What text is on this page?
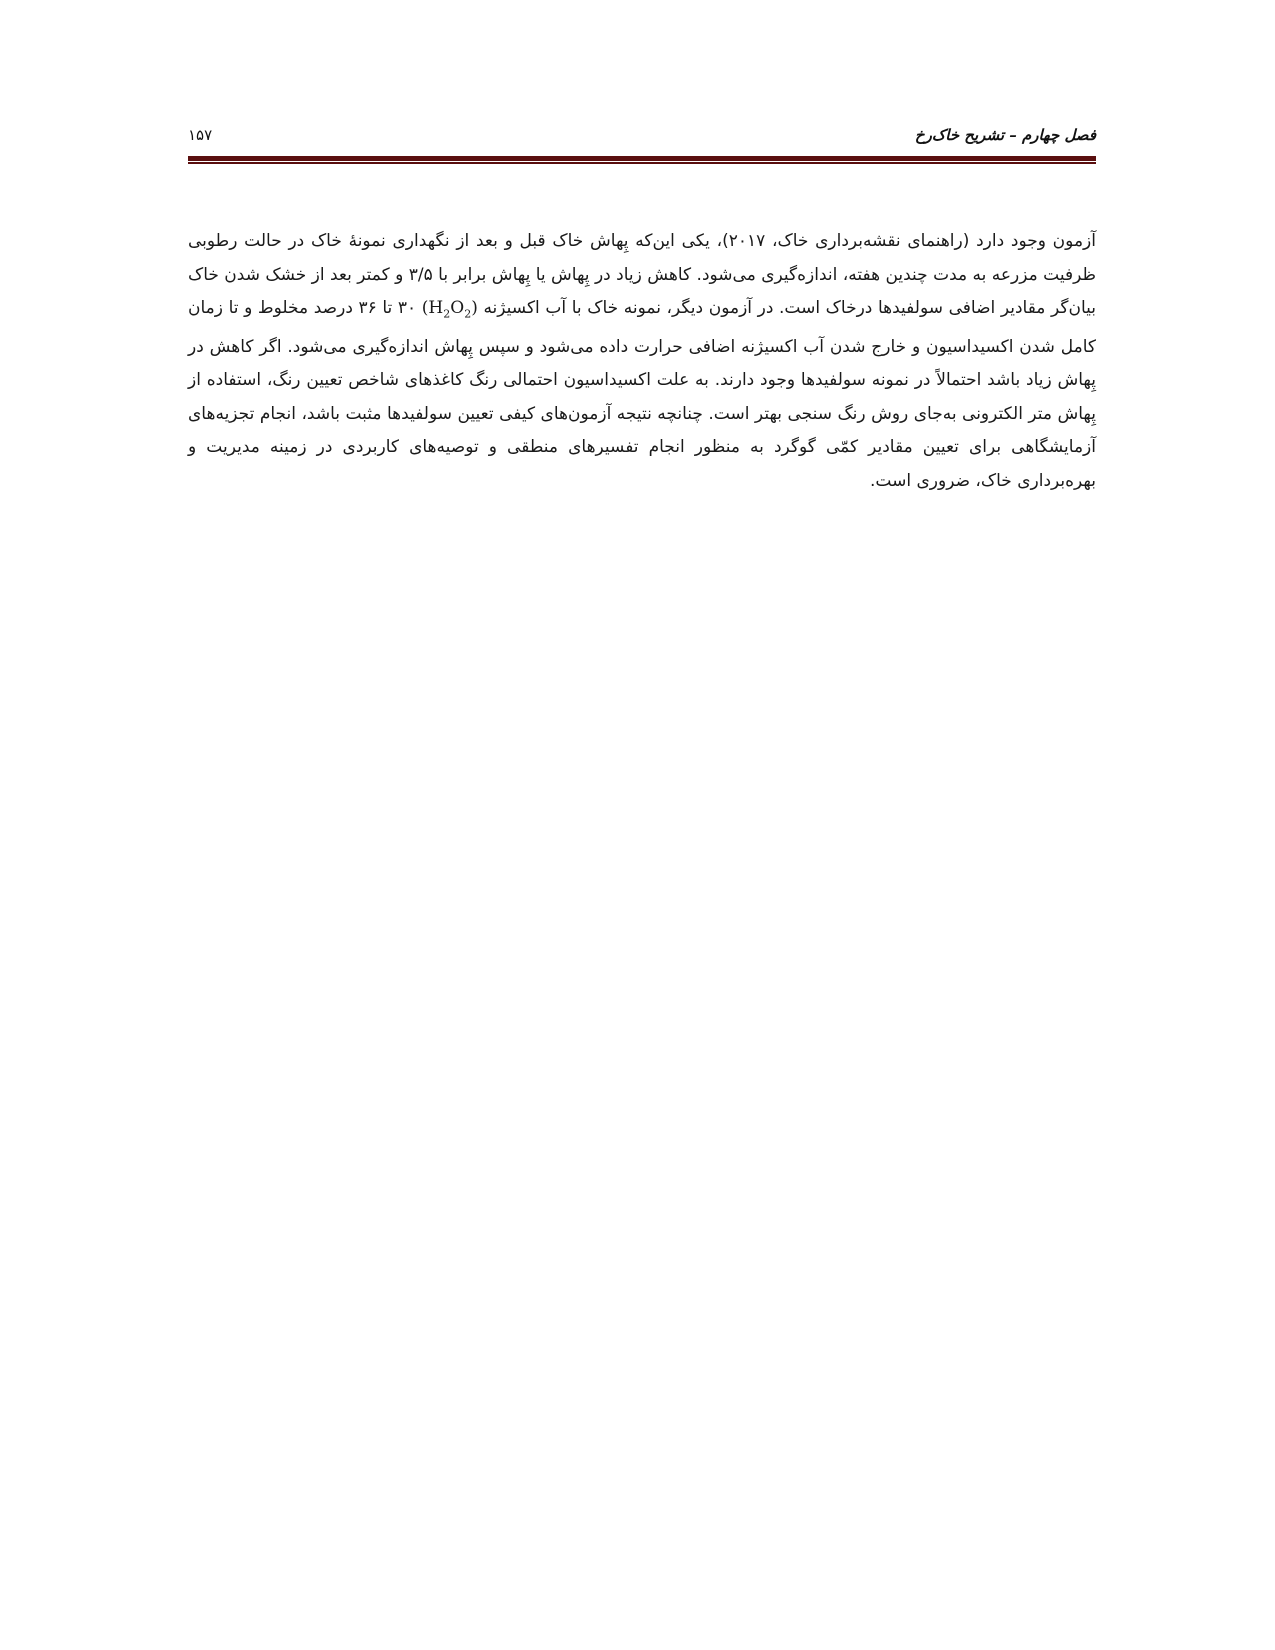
فصل چهارم – تشریح خاک‌رخ
۱۵۷

آزمون وجود دارد (راهنمای نقشه‌برداری خاک، ۲۰۱۷)، یکی این‌که پِهاش خاک قبل و بعد از نگهداری نمونهٔ خاک در حالت رطوبی ظرفیت مزرعه به مدت چندین هفته، اندازه‌گیری می‌شود. کاهش زیاد در پِهاش یا پِهاش برابر با ۳/۵ و کمتر بعد از خشک شدن خاک بیان‌گر مقادیر اضافی سولفیدها درخاک است. در آزمون دیگر، نمونه خاک با آب اکسیژنه $(H_2O_2)$ ۳۰ تا ۳۶ درصد مخلوط و تا زمان کامل شدن اکسیداسیون و خارج شدن آب اکسیژنه اضافی حرارت داده می‌شود و سپس پِهاش اندازه‌گیری می‌شود. اگر کاهش در پِهاش زیاد باشد احتمالاً در نمونه سولفیدها وجود دارند. به علت اکسیداسیون احتمالی رنگ کاغذهای شاخص تعیین رنگ، استفاده از پِهاش متر الکترونی به‌جای روش رنگ سنجی بهتر است. چنانچه نتیجه آزمون‌های کیفی تعیین سولفیدها مثبت باشد، انجام تجزیه‌های آزمایشگاهی برای تعیین مقادیر کمّی گوگرد به منظور انجام تفسیرهای منطقی و توصیه‌های کاربردی در زمینه مدیریت و بهره‌برداری خاک، ضروری است.
